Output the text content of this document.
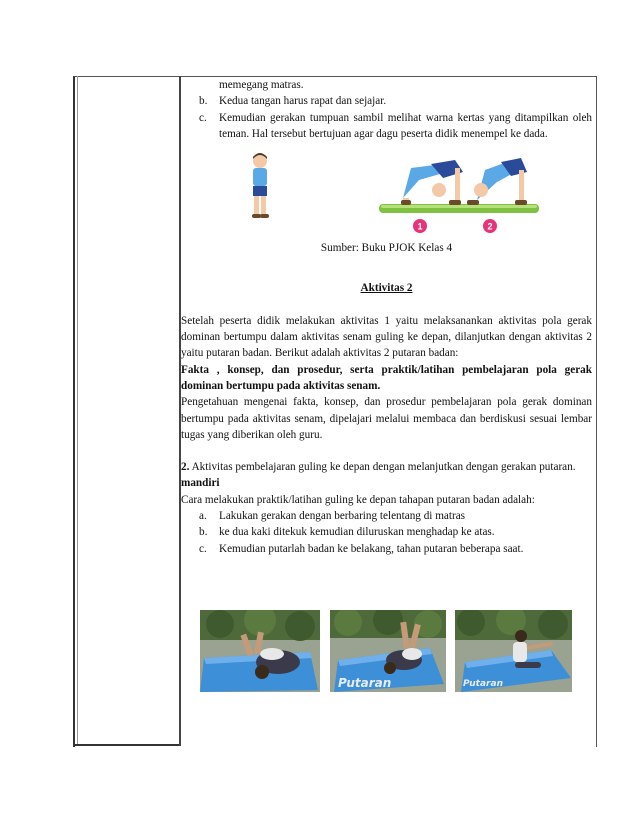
memegang matras.
b. Kedua tangan harus rapat dan sejajar.
c. Kemudian gerakan tumpuan sambil melihat warna kertas yang ditampilkan oleh teman. Hal tersebut bertujuan agar dagu peserta didik menempel ke dada.
1	2
Sumber: Buku PJOK Kelas 4
Aktivitas 2
Setelah peserta didik melakukan aktivitas 1 yaitu melaksanankan aktivitas pola gerak dominan bertumpu dalam aktivitas senam guling ke depan, dilanjutkan dengan aktivitas 2 yaitu putaran badan. Berikut adalah aktivitas 2 putaran badan:
Fakta , konsep, dan prosedur, serta praktik/latihan pembelajaran pola gerak dominan bertumpu pada aktivitas senam.
Pengetahuan mengenai fakta, konsep, dan prosedur pembelajaran pola gerak dominan bertumpu pada aktivitas senam, dipelajari melalui membaca dan berdiskusi sesuai lembar tugas yang diberikan oleh guru.
2. Aktivitas pembelajaran guling ke depan dengan melanjutkan dengan gerakan putaran.
mandiri
Cara melakukan praktik/latihan guling ke depan tahapan putaran badan adalah:
a. Lakukan gerakan dengan berbaring telentang di matras
b. ke dua kaki ditekuk kemudian diluruskan menghadap ke atas.
c. Kemudian putarlah badan ke belakang, tahan putaran beberapa saat.
Putaran	Putaran
